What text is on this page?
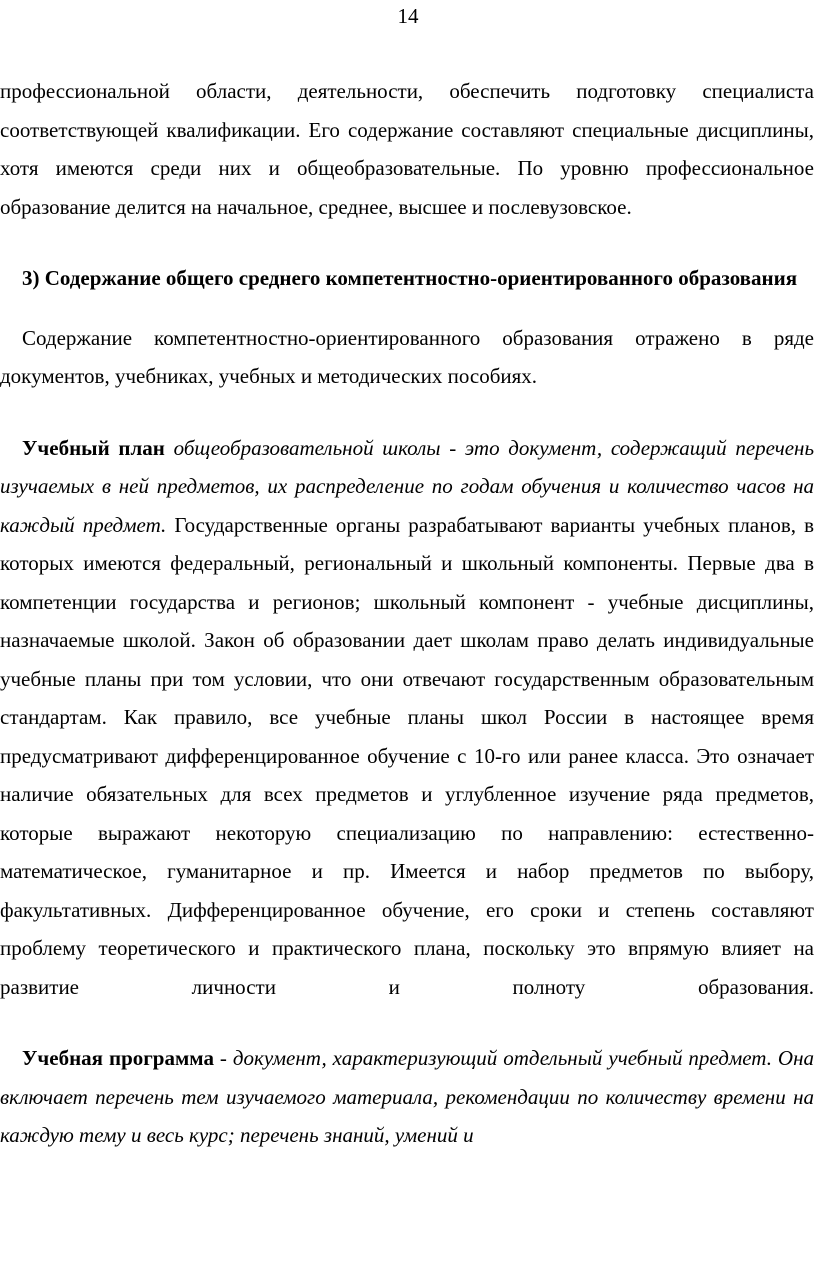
14

профессиональной области, деятельности, обеспечить подготовку специалиста соответствующей квалификации. Его содержание составляют специальные дисциплины, хотя имеются среди них и общеобразовательные. По уровню профессиональное образование делится на начальное, среднее, высшее и послевузовское.

3) Содержание общего среднего компетентностно-ориентированного образования

Содержание компетентностно-ориентированного образования отражено в ряде документов, учебниках, учебных и методических пособиях.

Учебный план общеобразовательной школы - это документ, содержащий перечень изучаемых в ней предметов, их распределение по годам обучения и количество часов на каждый предмет. Государственные органы разрабатывают варианты учебных планов, в которых имеются федеральный, региональный и школьный компоненты. Первые два в компетенции государства и регионов; школьный компонент - учебные дисциплины, назначаемые школой. Закон об образовании дает школам право делать индивидуальные учебные планы при том условии, что они отвечают государственным образовательным стандартам. Как правило, все учебные планы школ России в настоящее время предусматривают дифференцированное обучение с 10-го или ранее класса. Это означает наличие обязательных для всех предметов и углубленное изучение ряда предметов, которые выражают некоторую специализацию по направлению: естественно-математическое, гуманитарное и пр. Имеется и набор предметов по выбору, факультативных. Дифференцированное обучение, его сроки и степень составляют проблему теоретического и практического плана, поскольку это впрямую влияет на развитие личности и полноту образования.

Учебная программа - документ, характеризующий отдельный учебный предмет. Она включает перечень тем изучаемого материала, рекомендации по количеству времени на каждую тему и весь курс; перечень знаний, умений и
